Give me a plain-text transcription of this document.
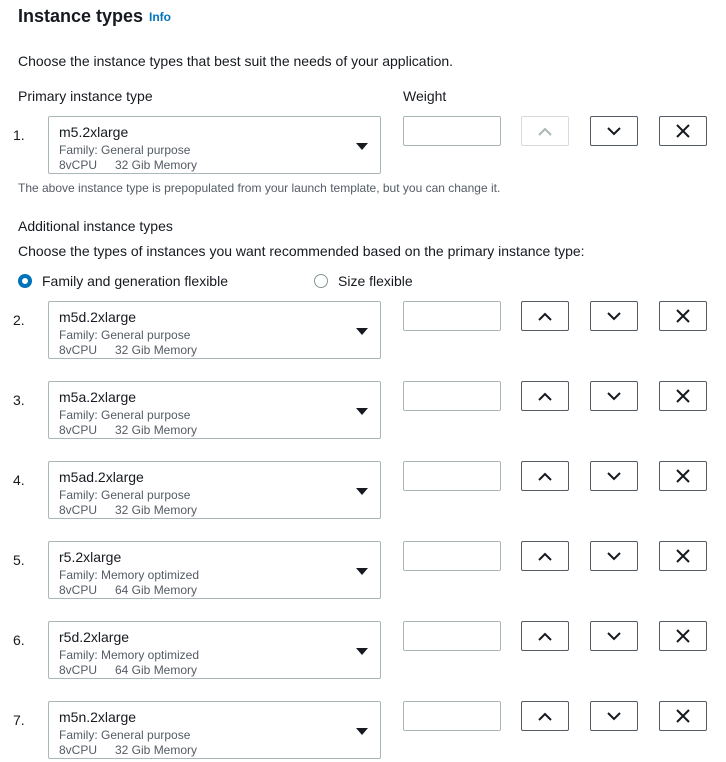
Instance types Info
Choose the instance types that best suit the needs of your application.
Primary instance type	Weight
The above instance type is prepopulated from your launch template, but you can change it.
Additional instance types
Choose the types of instances you want recommended based on the primary instance type:
Family and generation flexible	Size flexible
1. m5.2xlarge
Family: General purpose
8vCPU 32 Gib Memory
2. m5d.2xlarge
Family: General purpose
8vCPU 32 Gib Memory
3. m5a.2xlarge
Family: General purpose
8vCPU 32 Gib Memory
4. m5ad.2xlarge
Family: General purpose
8vCPU 32 Gib Memory
5. r5.2xlarge
Family: Memory optimized
8vCPU 64 Gib Memory
6. r5d.2xlarge
Family: Memory optimized
8vCPU 64 Gib Memory
7. m5n.2xlarge
Family: General purpose
8vCPU 32 Gib Memory
